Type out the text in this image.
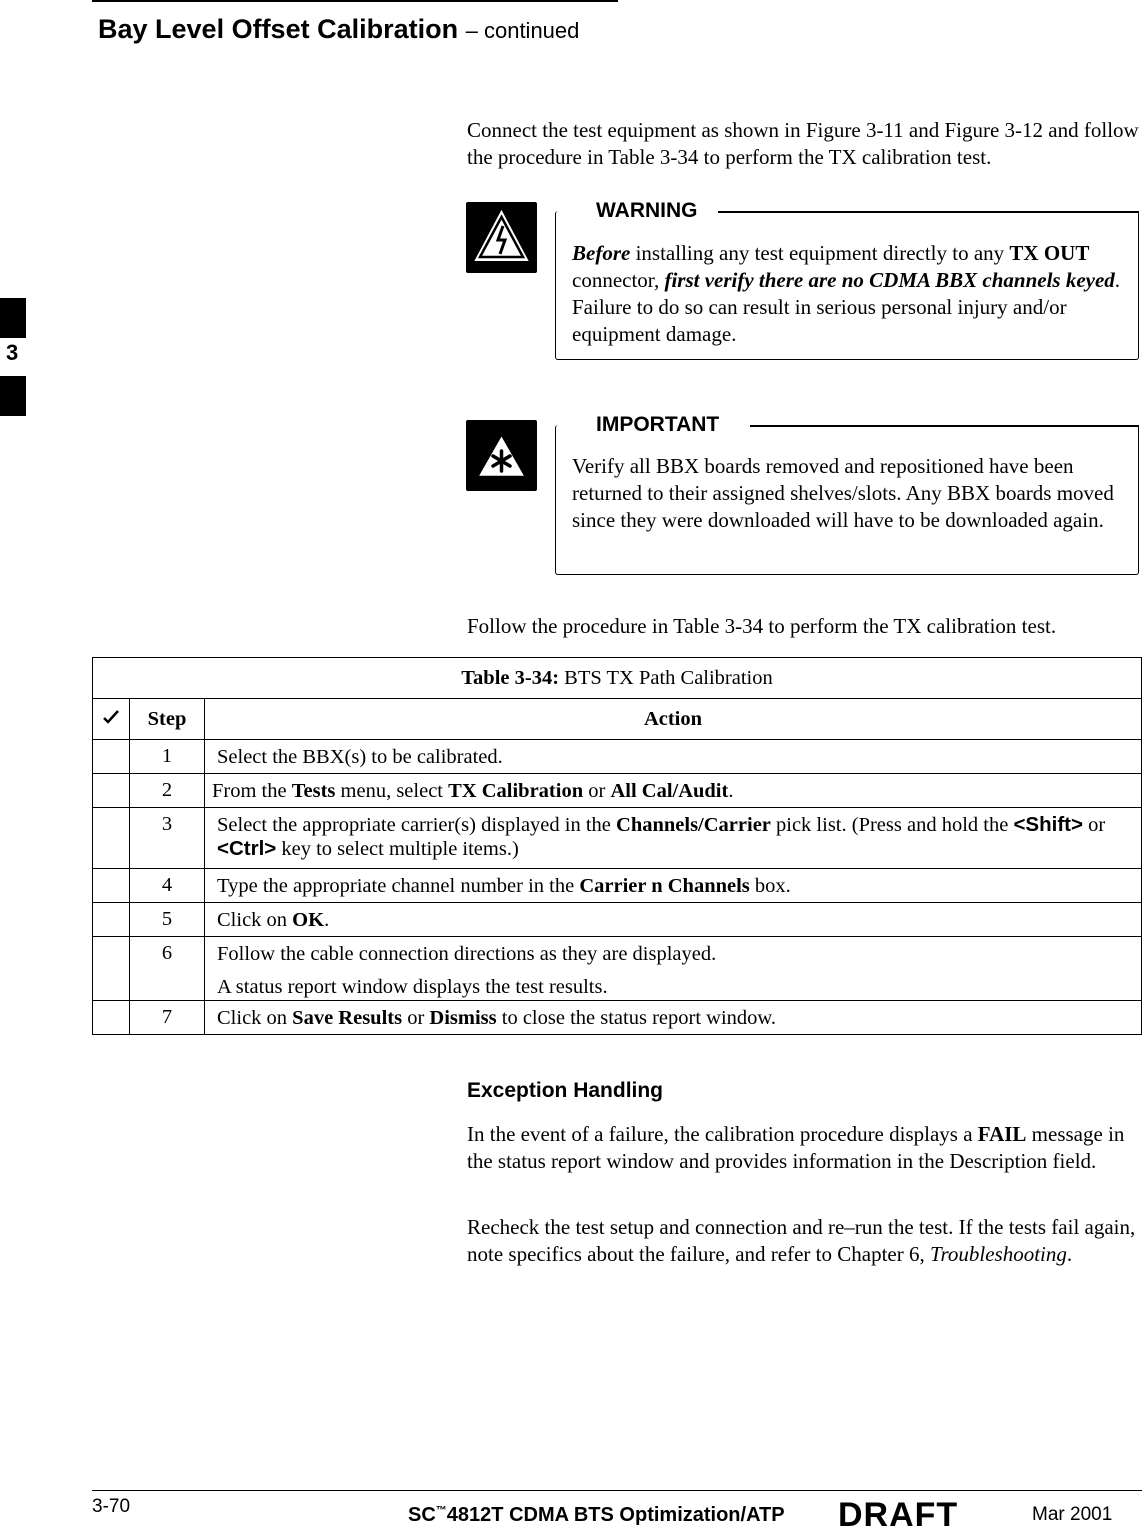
Bay Level Offset Calibration – continued
3
Connect the test equipment as shown in Figure 3-11 and Figure 3-12 and follow the procedure in Table 3-34 to perform the TX calibration test.
WARNING
Before installing any test equipment directly to any TX OUT connector, first verify there are no CDMA BBX channels keyed. Failure to do so can result in serious personal injury and/or equipment damage.
IMPORTANT
Verify all BBX boards removed and repositioned have been returned to their assigned shelves/slots. Any BBX boards moved since they were downloaded will have to be downloaded again.
Follow the procedure in Table 3-34 to perform the TX calibration test.
Table 3-34: BTS TX Path Calibration		
	Step	Action
	1	Select the BBX(s) to be calibrated.
	2	From the Tests menu, select TX Calibration or All Cal/Audit.
	3	Select the appropriate carrier(s) displayed in the Channels/Carrier pick list. (Press and hold the <Shift> or <Ctrl> key to select multiple items.)
	4	Type the appropriate channel number in the Carrier n Channels box.
	5	Click on OK.
	6	Follow the cable connection directions as they are displayed.
A status report window displays the test results.

	7	Click on Save Results or Dismiss to close the status report window.
Exception Handling
In the event of a failure, the calibration procedure displays a FAIL message in the status report window and provides information in the Description field.
Recheck the test setup and connection and re–run the test. If the tests fail again, note specifics about the failure, and refer to Chapter 6, Troubleshooting.
3-70	SC™4812T CDMA BTS Optimization/ATP DRAFT	Mar 2001
